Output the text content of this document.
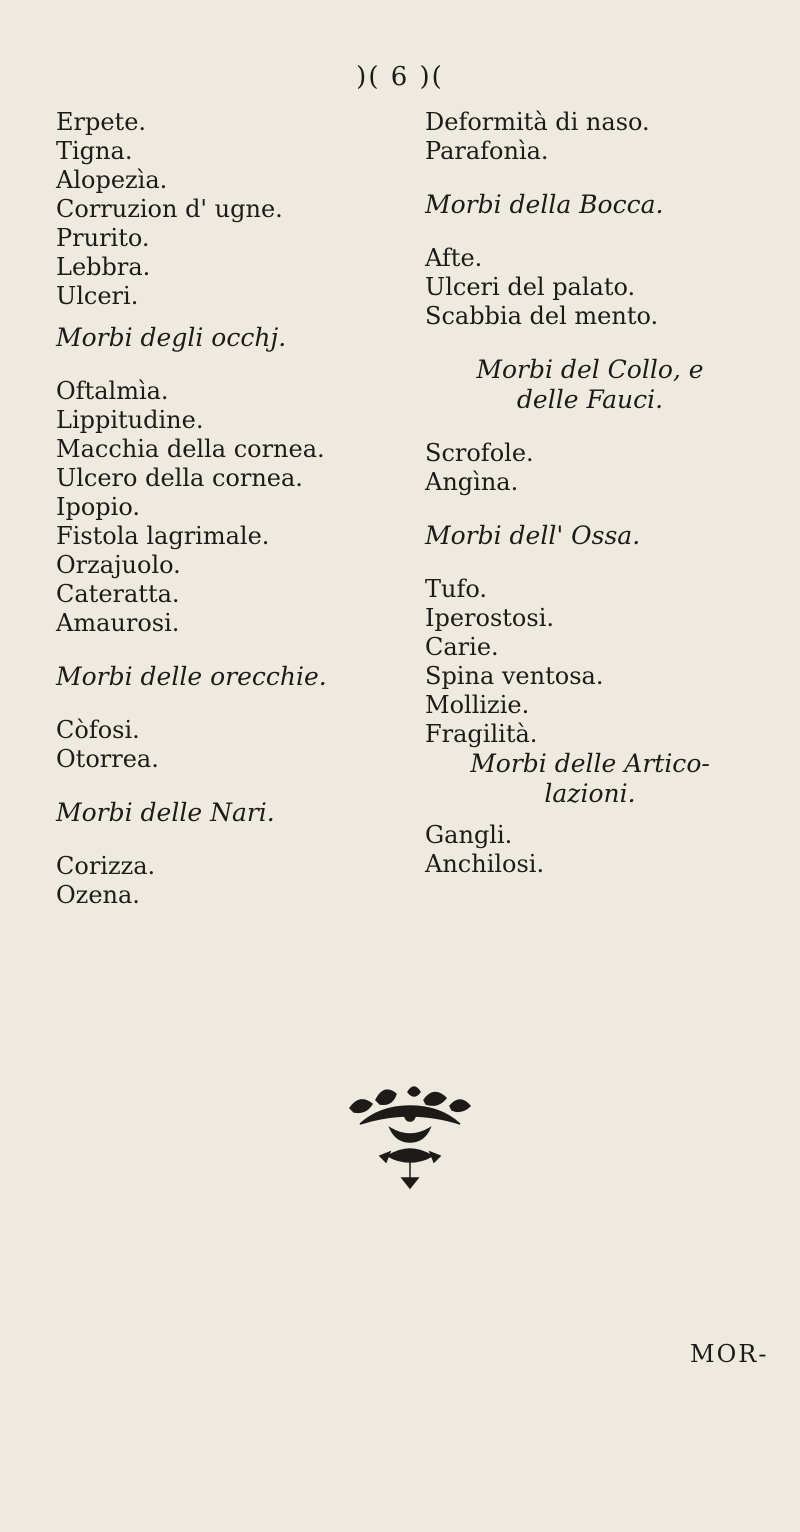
)( 6 )(
Erpete.
Tigna.
Alopezìa.
Corruzion d' ugne.
Prurito.
Lebbra.
Ulceri.
Morbi degli occhj.
Oftalmìa.
Lippitudine.
Macchia della cornea.
Ulcero della cornea.
Ipopio.
Fistola lagrimale.
Orzajuolo.
Cateratta.
Amaurosi.
Morbi delle orecchie.
Còfosi.
Otorrea.
Morbi delle Nari.
Corizza.
Ozena.
Deformità di naso.
Parafonìa.
Morbi della Bocca.
Afte.
Ulceri del palato.
Scabbia del mento.
Morbi del Collo, e
delle Fauci.
Scrofole.
Angìna.
Morbi dell' Ossa.
Tufo.
Iperostosi.
Carie.
Spina ventosa.
Mollizie.
Fragilità.
Morbi delle Artico-
lazioni.
Gangli.
Anchilosi.
MOR-
